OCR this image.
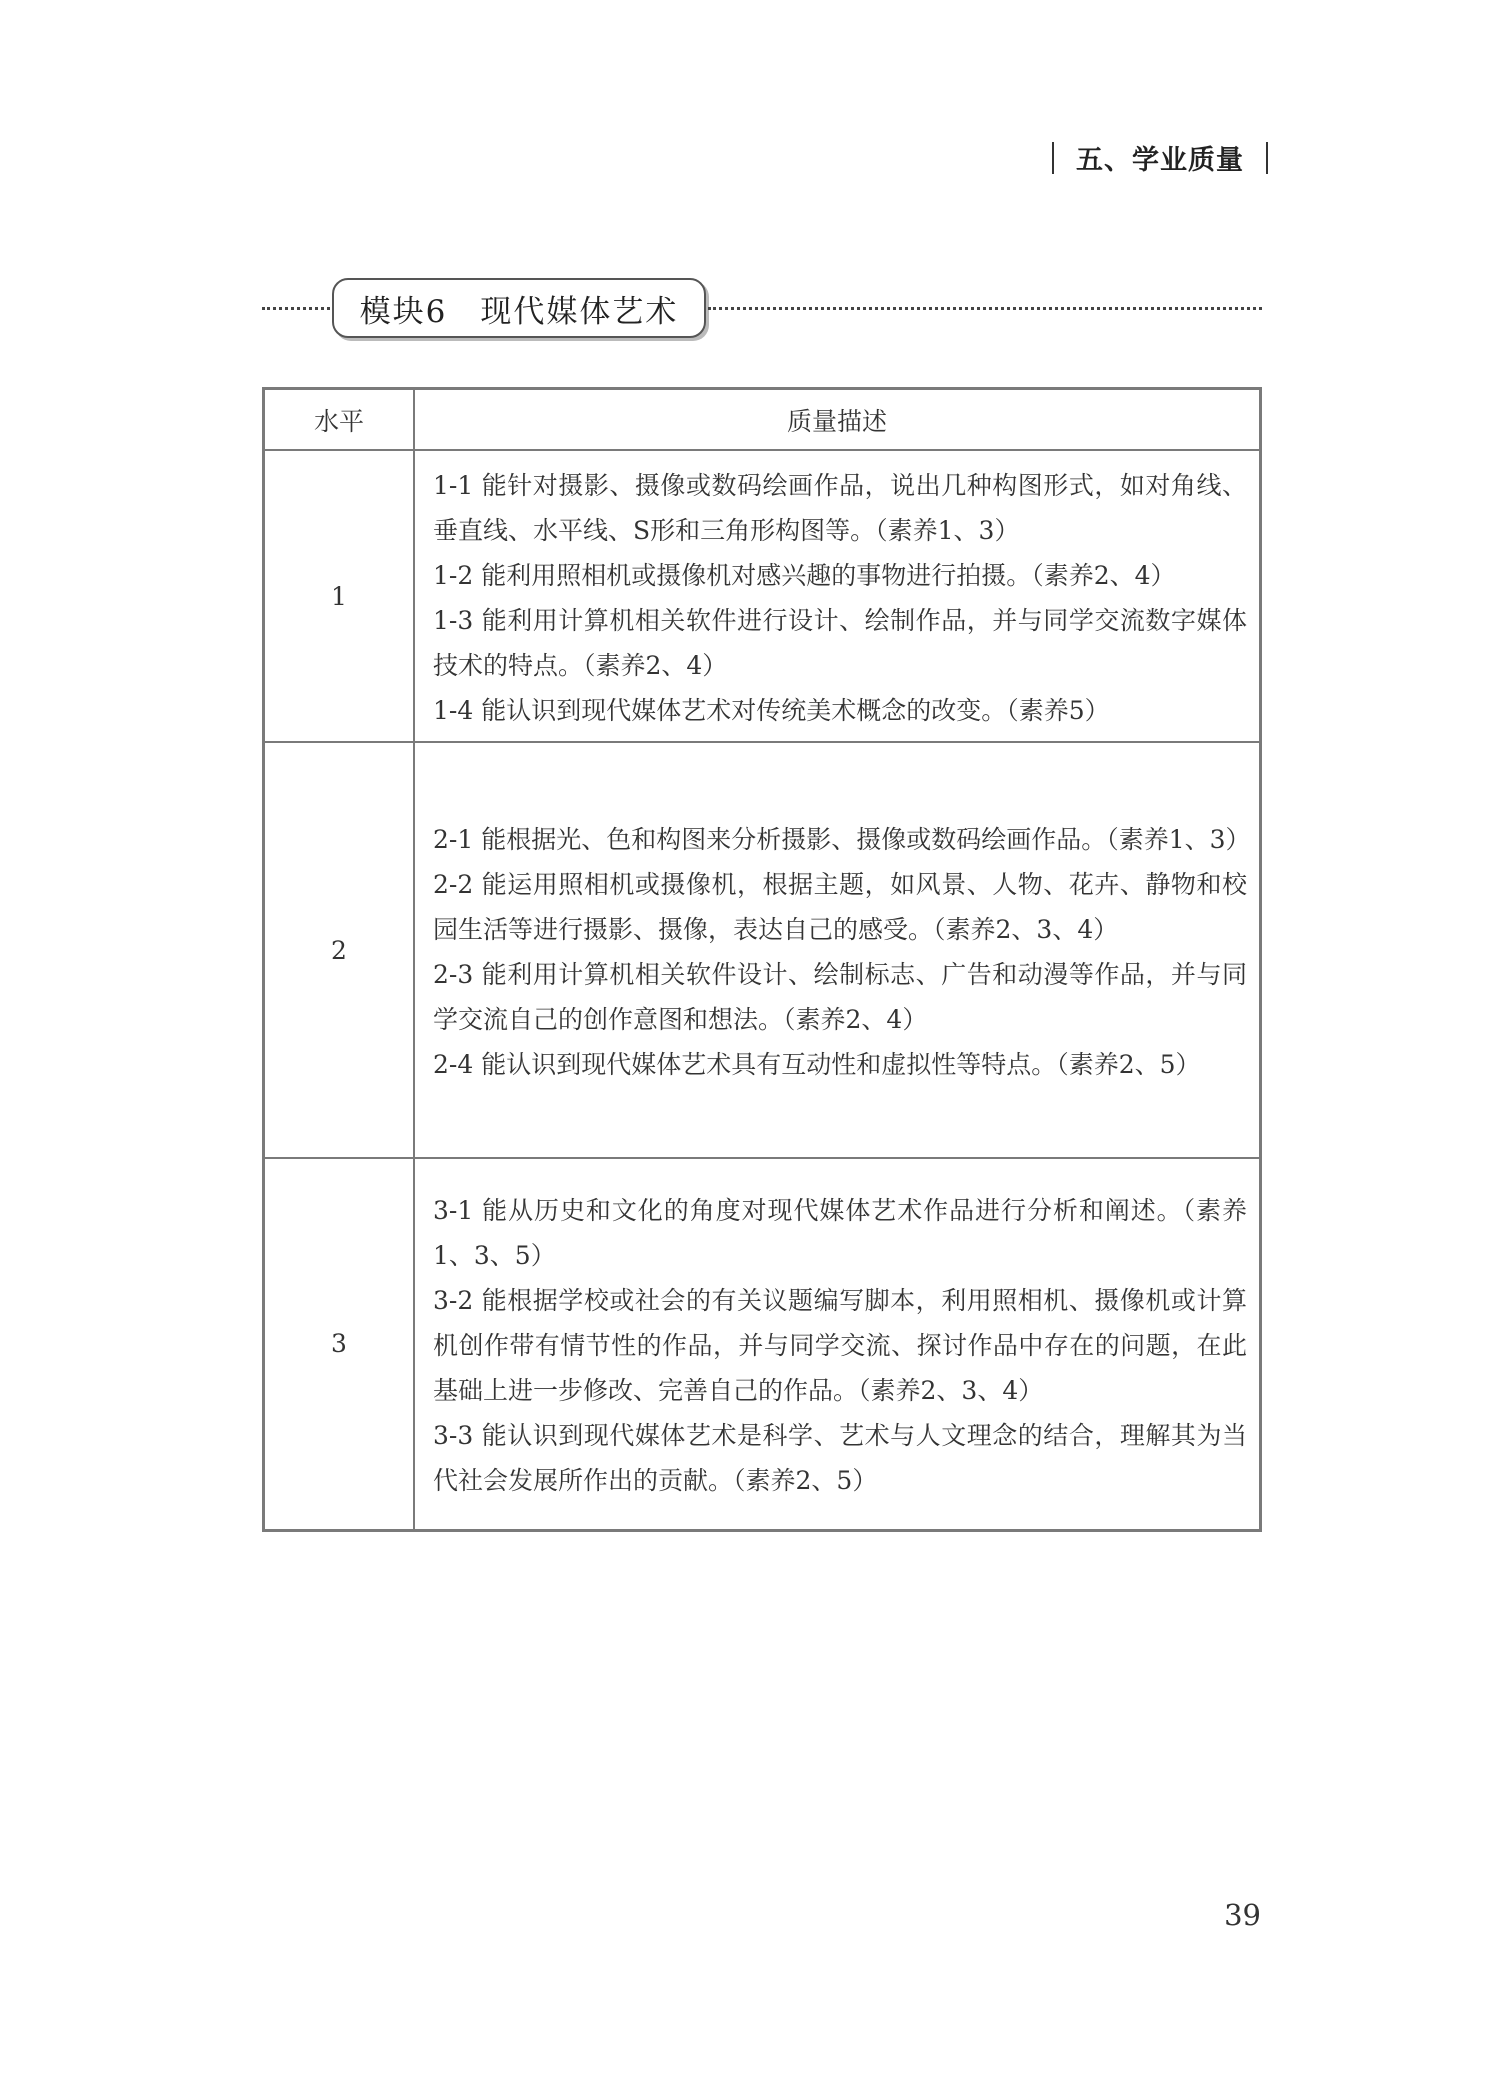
五、学业质量
模块6　现代媒体艺术
水平	质量描述
1	1-1 能针对摄影、摄像或数码绘画作品，说出几种构图形式，如对角线、垂直线、水平线、S形和三角形构图等。（素养1、3）

1-2 能利用照相机或摄像机对感兴趣的事物进行拍摄。（素养2、4）

1-3 能利用计算机相关软件进行设计、绘制作品，并与同学交流数字媒体技术的特点。（素养2、4）

1-4 能认识到现代媒体艺术对传统美术概念的改变。（素养5）

2	2-1 能根据光、色和构图来分析摄影、摄像或数码绘画作品。（素养1、3）

2-2 能运用照相机或摄像机，根据主题，如风景、人物、花卉、静物和校园生活等进行摄影、摄像，表达自己的感受。（素养2、3、4）

2-3 能利用计算机相关软件设计、绘制标志、广告和动漫等作品，并与同学交流自己的创作意图和想法。（素养2、4）

2-4 能认识到现代媒体艺术具有互动性和虚拟性等特点。（素养2、5）

3	3-1 能从历史和文化的角度对现代媒体艺术作品进行分析和阐述。（素养1、3、5）

3-2 能根据学校或社会的有关议题编写脚本，利用照相机、摄像机或计算机创作带有情节性的作品，并与同学交流、探讨作品中存在的问题，在此基础上进一步修改、完善自己的作品。（素养2、3、4）

3-3 能认识到现代媒体艺术是科学、艺术与人文理念的结合，理解其为当代社会发展所作出的贡献。（素养2、5）

39
